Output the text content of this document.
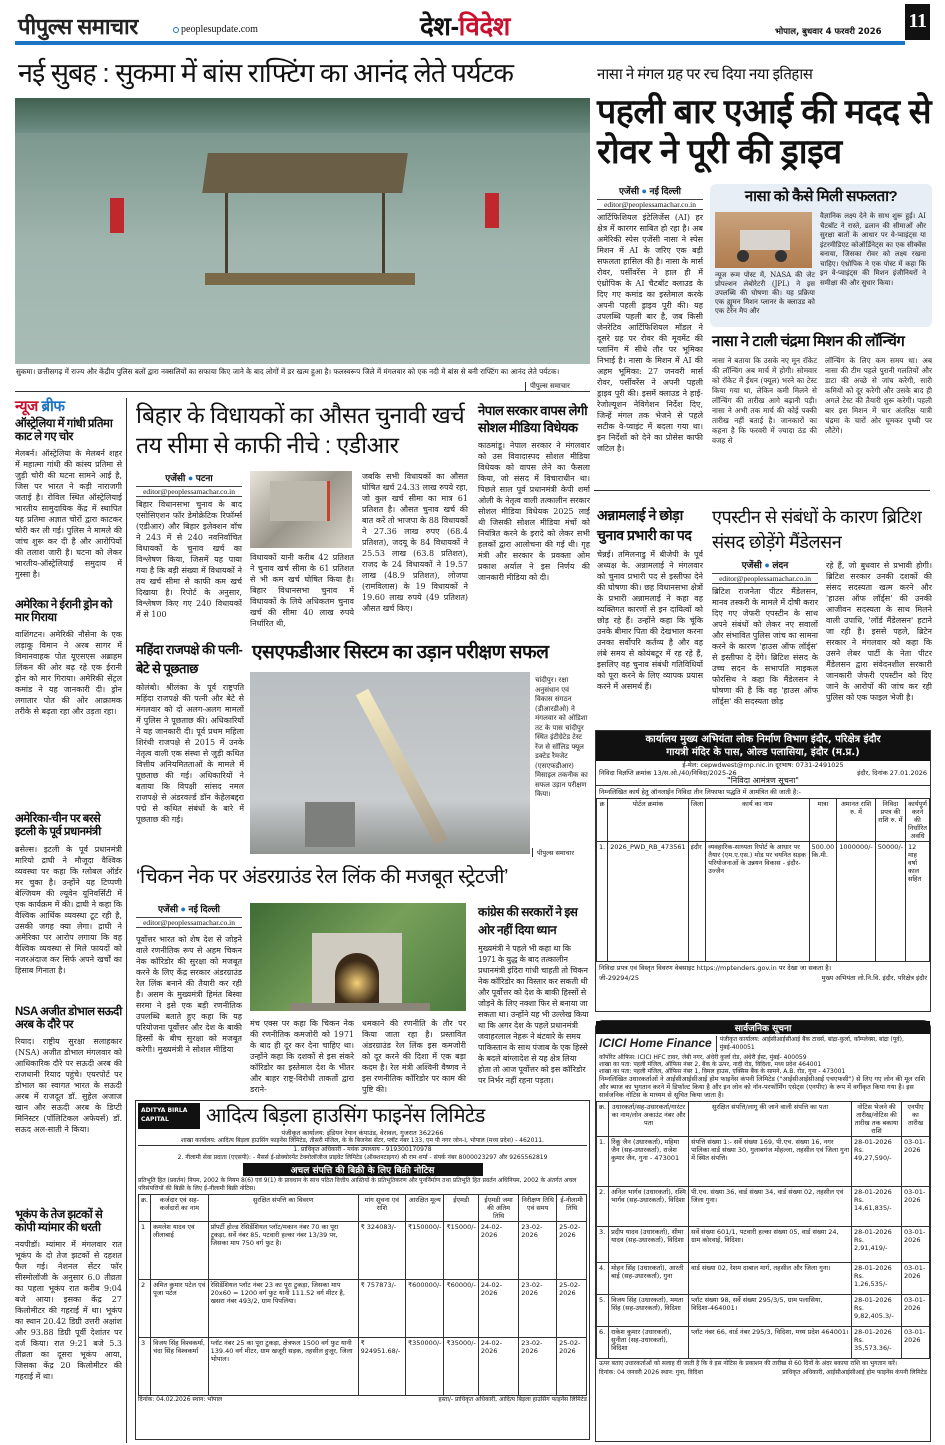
पीपुल्स समाचार	peoplesupdate.com	देश-विदेश	भोपाल, बुधवार 4 फरवरी 2026 11
नई सुबह : सुकमा में बांस राफ्टिंग का आनंद लेते पर्यटक
सुकमा। छत्तीसगढ़ में राज्य और केंद्रीय पुलिस बलों द्वारा नक्सलियों का सफाया किए जाने के बाद लोगों में डर खत्म हुआ है। फलस्वरूप जिले में मंगलवार को एक नदी में बांस से बनी राफ्टिंग का आनंद लेते पर्यटक।
पीपुल्स समाचार
नासा ने मंगल ग्रह पर रच दिया नया इतिहास
पहली बार एआई की मदद से रोवर ने पूरी की ड्राइव
एजेंसी ● नई दिल्ली
editor@peoplessamachar.co.in
आर्टिफिशियल इंटेलिजेंस (AI) हर क्षेत्र में कारगर साबित हो रहा है। अब अमेरिकी स्पेस एजेंसी नासा ने स्पेस मिशन में AI के जरिए एक बड़ी सफलता हासिल की है। नासा के मार्स रोवर, पर्सीवरेंस ने हाल ही में एंथ्रोपिक के AI चैटबॉट क्लाउड के दिए गए कमांड का इस्तेमाल करके अपनी पहली ड्राइव पूरी की। यह उपलब्धि पहली बार है, जब किसी जेनरेटिव आर्टिफिशियल मॉडल ने दूसरे ग्रह पर रोवर की मूवमेंट की प्लानिंग में सीधे तौर पर भूमिका निभाई है। नासा के मिशन में AI की अहम भूमिका: 27 जनवरी मार्स रोवर, पर्सीवरेंस ने अपनी पहली ड्राइव पूरी की। इसमें क्लाउड ने हाई-रेजोल्यूशन नेविगेशन निर्देश दिए, जिन्हें मंगल तक भेजने से पहले सटीक वे-प्वाइंट में बदला गया था। इन निर्देशों को देने का प्रोसेस काफी जटिल है।
नासा को कैसे मिली सफलता?
न्यूज रूम पोस्ट में, NASA की जेट प्रोपल्शन लेबोरेटरी (JPL) ने इस उपलब्धि की घोषणा की। यह प्रक्रिया एक ह्यूमन मिशन प्लानर के क्लाउड को एक टेरेन मैप और
वैज्ञानिक लक्ष्य देने के साथ शुरू हुई। AI चैटबॉट ने रास्ते, ढलान की सीमाओं और सुरक्षा बातों के आधार पर वे-प्वाइंट्स या इंटरमीडिएट कोऑर्डिनेट्स का एक सीक्वेंस बनाया, जिसका रोवर को लक्ष्य रखना चाहिए। एंथ्रोपिक ने एक पोस्ट में कहा कि इन वे-प्वाइंट्स की मिशन इंजीनियरों ने समीक्षा की और सुधार किया।
नासा ने टाली चंद्रमा मिशन की लॉन्चिंग
नासा ने बताया कि उसके नए मून रॉकेट की लॉन्चिंग अब मार्च में होगी। सोमवार को रॉकेट में ईंधन (फ्यूल) भरने का टेस्ट किया गया था, लेकिन कमी मिलने से लॉन्चिंग की तारीख आगे बढ़ानी पड़ी। नासा ने अभी तक मार्च की कोई पक्की तारीख नहीं बताई है। जानकारों का कहना है कि फरवरी में ज्यादा ठंड की वजह से
लॉन्चिंग के लिए कम समय था। अब नासा की टीम पहले पुरानी गलतियों और डाटा की अच्छे से जांच करेगी, सारी कमियों को दूर करेगी और उसके बाद ही अगले टेस्ट की तैयारी शुरू करेगी। पहली बार इस मिशन में चार अंतरिक्ष यात्री चंद्रमा के चारों ओर घूमकर पृथ्वी पर लौटेंगे।
न्यूज ब्रीफ
ऑस्ट्रेलिया में गांधी प्रतिमा काट ले गए चोर
मेलबर्न। ऑस्ट्रेलिया के मेलबर्न शहर में महात्मा गांधी की कांस्य प्रतिमा से जुड़ी चोरी की घटना सामने आई है, जिस पर भारत ने कड़ी नाराजगी जताई है। रोविल स्थित ऑस्ट्रेलियाई भारतीय सामुदायिक केंद्र में स्थापित यह प्रतिमा अज्ञात चोरों द्वारा काटकर चोरी कर ली गई। पुलिस ने मामले की जांच शुरू कर दी है और आरोपियों की तलाश जारी है। घटना को लेकर भारतीय-ऑस्ट्रेलियाई समुदाय में गुस्सा है।
अमेरिका ने ईरानी ड्रोन को मार गिराया
वाशिंगटन। अमेरिकी नौसेना के एक लड़ाकू विमान ने अरब सागर में विमानवाहक पोत यूएसएस अब्राहम लिंकन की ओर बढ़ रहे एक ईरानी ड्रोन को मार गिराया। अमेरिकी सेंट्रल कमांड ने यह जानकारी दी। ड्रोन लगातार पोत की ओर आक्रामक तरीके से बढ़ता रहा और उड़ता रहा।
अमेरिका-चीन पर बरसे इटली के पूर्व प्रधानमंत्री
ब्रसेल्स। इटली के पूर्व प्रधानमंत्री मारियो द्राघी ने मौजूदा वैश्विक व्यवस्था पर कहा कि ग्लोबल ऑर्डर मर चुका है। उन्होंने यह टिप्पणी बेल्जियम की ल्यूवेन यूनिवर्सिटी में एक कार्यक्रम में की। द्राघी ने कहा कि वैश्विक आर्थिक व्यवस्था टूट रही है, उसकी जगह क्या लेगा। द्राघी ने अमेरिका पर आरोप लगाया कि वह वैश्विक व्यवस्था से मिले फायदों को नजरअंदाज कर सिर्फ अपने खर्चों का हिसाब गिनाता है।
NSA अजीत डोभाल सऊदी अरब के दौरे पर
रियाद। राष्ट्रीय सुरक्षा सलाहकार (NSA) अजीत डोभाल मंगलवार को आधिकारिक दौरे पर सऊदी अरब की राजधानी रियाद पहुंचे। एयरपोर्ट पर डोभाल का स्वागत भारत के सऊदी अरब में राजदूत डॉ. सुहेल अजाज खान और सऊदी अरब के डिप्टी मिनिस्टर (पॉलिटिकल अफेयर्स) डॉ. सऊद अल-साती ने किया।
भूकंप के तेज झटकों से कांपी म्यांमार की धरती
नयपीडॉ। म्यांमार में मंगलवार रात भूकंप के दो तेज झटकों से दहशत फैल गई। नेशनल सेंटर फॉर सीस्मोलॉजी के अनुसार 6.0 तीव्रता का पहला भूकंप रात करीब 9:04 बजे आया। इसका केंद्र 27 किलोमीटर की गहराई में था। भूकंप का स्थान 20.42 डिग्री उत्तरी अक्षांश और 93.88 डिग्री पूर्वी देशांतर पर दर्ज किया। रात 9:21 बजे 5.3 तीव्रता का दूसरा भूकंप आया, जिसका केंद्र 20 किलोमीटर की गहराई में था।
बिहार के विधायकों का औसत चुनावी खर्च तय सीमा से काफी नीचे : एडीआर
एजेंसी ● पटना
editor@peoplessamachar.co.in
बिहार विधानसभा चुनाव के बाद एसोसिएशन फॉर डेमोक्रेटिक रिफॉर्म्स (एडीआर) और बिहार इलेक्शन वॉच ने 243 में से 240 नवनिर्वाचित विधायकों के चुनाव खर्च का विश्लेषण किया, जिसमें यह पाया गया है कि बड़ी संख्या में विधायकों ने तय खर्च सीमा से काफी कम खर्च दिखाया है। रिपोर्ट के अनुसार, विश्लेषण किए गए 240 विधायकों में से 100
विधायकों यानी करीब 42 प्रतिशत ने चुनाव खर्च सीमा के 61 प्रतिशत से भी कम खर्च घोषित किया है। बिहार विधानसभा चुनाव में विधायकों के लिये अधिकतम चुनाव खर्च की सीमा 40 लाख रुपये निर्धारित थी,
जबकि सभी विधायकों का औसत घोषित खर्च 24.33 लाख रुपये रहा, जो कुल खर्च सीमा का मात्र 61 प्रतिशत है। औसत चुनाव खर्च की बात करें तो भाजपा के 88 विधायकों ने 27.36 लाख रुपए (68.4 प्रतिशत), जदयू के 84 विधायकों ने 25.53 लाख (63.8 प्रतिशत), राजद के 24 विधायकों ने 19.57 लाख (48.9 प्रतिशत), लोजपा (रामविलास) के 19 विधायकों ने 19.60 लाख रुपये (49 प्रतिशत) औसत खर्च किए।
नेपाल सरकार वापस लेगी सोशल मीडिया विधेयक
काठमांडू। नेपाल सरकार ने मंगलवार को उस विवादास्पद सोशल मीडिया विधेयक को वापस लेने का फैसला किया, जो संसद में विचाराधीन था। पिछले साल पूर्व प्रधानमंत्री केपी शर्मा ओली के नेतृत्व वाली तत्कालीन सरकार सोशल मीडिया विधेयक 2025 लाई थी जिसकी सोशल मीडिया मंचों को नियंत्रित करने के इरादे को लेकर सभी हलकों द्वारा आलोचना की गई थी। गृह मंत्री और सरकार के प्रवक्ता ओम प्रकाश अर्याल ने इस निर्णय की जानकारी मीडिया को दी।
अन्नामलाई ने छोड़ा चुनाव प्रभारी का पद
चेन्नई। तमिलनाडु में बीजेपी के पूर्व अध्यक्ष के. अन्नामलाई ने मंगलवार को चुनाव प्रभारी पद से इस्तीफा देने की घोषणा की। छह विधानसभा क्षेत्रों के प्रभारी अन्नामलाई ने कहा वह व्यक्तिगत कारणों से इन दायित्वों को छोड़ रहे हैं। उन्होंने कहा कि चूंकि उनके बीमार पिता की देखभाल करना उनका सर्वोपरि कर्तव्य है और वह लंबे समय से कोयंबटूर में रह रहे हैं, इसलिए वह चुनाव संबंधी गतिविधियों को पूरा करने के लिए व्यापक प्रयास करने में असमर्थ हैं।
एपस्टीन से संबंधों के कारण ब्रिटिश संसद छोड़ेंगे मैंडेलसन
एजेंसी ● लंदन
editor@peoplessamachar.co.in
ब्रिटिश राजनेता पीटर मैंडेलसन, मानव तस्करी के मामले में दोषी करार दिए गए जेफरी एपस्टीन के साथ अपने संबंधों को लेकर नए सवालों और संभावित पुलिस जांच का सामना करने के कारण 'हाउस ऑफ लॉर्ड्स' से इस्तीफा दे देंगे। ब्रिटिश संसद के उच्च सदन के सभापति माइकल फोरसिथ ने कहा कि मैंडेलसन ने घोषणा की है कि वह 'हाउस ऑफ लॉर्ड्स' की सदस्यता छोड़
रहे हैं, जो बुधवार से प्रभावी होगी। ब्रिटिश सरकार उनकी दशकों की संसद सदस्यता खत्म करने और 'हाउस ऑफ लॉर्ड्स' की उनकी आजीवन सदस्यता के साथ मिलने वाली उपाधि, 'लॉर्ड मैंडेलसन' हटाने जा रही है। इससे पहले, ब्रिटेन सरकार ने मंगलवार को कहा कि उसने लेबर पार्टी के नेता पीटर मैंडेलसन द्वारा संवेदनशील सरकारी जानकारी जेफरी एपस्टीन को दिए जाने के आरोपों की जांच कर रही पुलिस को एक फाइल भेजी है।
कार्यालय मुख्य अभियंता लोक निर्माण विभाग इंदौर, परिक्षेत्र इंदौर
गायत्री मंदिर के पास, ओल्ड पलासिया, इंदौर (म.प्र.)
ई-मेल: cepwdwest@mp.nic.in दूरभाष: 0731-2491025
निविदा विज्ञप्ति क्रमांक 13/स.ओ./40/निविदा/2025-26	इंदौर, दिनांक 27.01.2026
"निविदा आमंत्रण सूचना"
निम्नलिखित कार्य हेतु ऑनलाईन निविदा तीन लिफाफा पद्धति में आमंत्रित की जाती है:-
क्र	पोर्टल क्रमांक	जिला	कार्य का नाम	मात्रा	अमानत राशि रु. में	निविदा प्रपत्र की राशि रु. में	कार्यपूर्ण करने की निर्धारित अवधि
1.	2026_PWD_RB_473561	इंदौर	व्यवहारिक-साध्यता रिपोर्ट के आधार पर तैयार (एम.ए.एस.) मोड पर चयनित सड़क परियोजनाओं के उन्नयन विकास - इंदौर-उज्जैन	500.00 कि.मी.	1000000/-	50000/-	12 माह वर्षा काल सहित
निविदा प्रपत्र एवं विस्तृत विवरण वेबसाइट https://mptenders.gov.in पर देखा जा सकता है।
जी-29294/25	मुख्य अभियंता लो.नि.वि. इंदौर, परिक्षेत्र इंदौर
महिंदा राजपक्षे की पत्नी-बेटे से पूछताछ
कोलंबो। श्रीलंका के पूर्व राष्ट्रपति महिंदा राजपक्षे की पत्नी और बेटे से मंगलवार को दो अलग-अलग मामलों में पुलिस ने पूछताछ की। अधिकारियों ने यह जानकारी दी। पूर्व प्रथम महिला शिरंथी राजपक्षे से 2015 में उनके नेतृत्व वाली एक संस्था से जुड़ी कथित वित्तीय अनियमितताओं के मामले में पूछताछ की गई। अधिकारियों ने बताया कि विपक्षी सांसद नमल राजपक्षे से अंडरवर्ल्ड डॉन केहेलबद्दरा पद्मे से कथित संबंधों के बारे में पूछताछ की गई।
एसएफडीआर सिस्टम का उड़ान परीक्षण सफल
चांदीपुर। रक्षा अनुसंधान एवं विकास संगठन (डीआरडीओ) ने मंगलवार को ओडिशा तट के पास चांदीपुर स्थित इंटीग्रेटेड टेस्ट रेंज से सॉलिड फ्यूल डक्टेड रैमजेट (एसएफडीआर) मिसाइल तकनीक का सफल उड़ान परीक्षण किया।
पीपुल्स समाचार
‘चिकन नेक पर अंडरग्राउंड रेल लिंक की मजबूत स्ट्रेटजी’
एजेंसी ● नई दिल्ली
editor@peoplessamachar.co.in
पूर्वोत्तर भारत को शेष देश से जोड़ने वाले रणनीतिक रूप से अहम चिकन नेक कॉरिडोर की सुरक्षा को मजबूत करने के लिए केंद्र सरकार अंडरग्राउंड रेल लिंक बनाने की तैयारी कर रही है। असम के मुख्यमंत्री हिमंत बिस्वा सरमा ने इसे एक बड़ी रणनीतिक उपलब्धि बताते हुए कहा कि यह परियोजना पूर्वोत्तर और देश के बाकी हिस्सों के बीच सुरक्षा को मजबूत करेगी। मुख्यमंत्री ने सोशल मीडिया
मंच एक्स पर कहा कि चिकन नेक की रणनीतिक कमजोरी को 1971 के बाद ही दूर कर देना चाहिए था। उन्होंने कहा कि दशकों से इस संकरे कॉरिडोर का इस्तेमाल देश के भीतर और बाहर राष्ट्र-विरोधी ताकतों द्वारा डराने-
धमकाने की रणनीति के तौर पर किया जाता रहा है। प्रस्तावित अंडरग्राउंड रेल लिंक इस कमजोरी को दूर करने की दिशा में एक बड़ा कदम है। रेल मंत्री अश्विनी वैष्णव ने इस रणनीतिक कॉरिडोर पर काम की पुष्टि की।
कांग्रेस की सरकारों ने इस ओर नहीं दिया ध्यान
मुख्यमंत्री ने पहले भी कहा था कि 1971 के युद्ध के बाद तत्कालीन प्रधानमंत्री इंदिरा गांधी चाहती तो चिकन नेक कॉरिडोर का विस्तार कर सकती थी और पूर्वोत्तर को देश के बाकी हिस्सों से जोड़ने के लिए नक्शा फिर से बनाया जा सकता था। उन्होंने यह भी उल्लेख किया था कि अगर देश के पहले प्रधानमंत्री जवाहरलाल नेहरू ने बंटवारे के समय पाकिस्तान के साथ पंजाब के एक हिस्से के बदले बांग्लादेश से यह क्षेत्र लिया होता तो आज पूर्वोत्तर को इस कॉरिडोर पर निर्भर नहीं रहना पड़ता।
ADITYA BIRLA CAPITAL	आदित्य बिड़ला हाउसिंग फाइनेंस लिमिटेड
पंजीकृत कार्यालय: इंडियन रेयान कंपाउंड, वेरावल, गुजरात 362266
शाखा कार्यालय: आदित्य बिड़ला हाउसिंग फाइनेंस लिमिटेड, तीसरी मंजिल, के के बिजनेस सेंटर, प्लॉट नंबर 133, एम पी नगर जोन-I, भोपाल (मध्य प्रदेश) - 462011.
1. प्राधिकृत अधिकारी - मयंक उपाध्याय - 919300170978
2. नीलामी सेवा प्रदाता (एएसपी): - मैसर्स ई-प्रोक्योरमेंट टेक्नोलॉजीज प्राइवेट लिमिटेड (ऑक्शनटाइगर) श्री राम शर्मा - संपर्क नंबर 8000023297 और 9265562819
अचल संपत्ति की बिक्री के लिए बिक्री नोटिस
प्रतिभूति हित (प्रवर्तन) नियम, 2002 के नियम 8(6) एवं 9(1) के प्रावधान के साथ पठित वित्तीय आस्तियों के प्रतिभूतिकरण और पुनर्निर्माण तथा प्रतिभूति हित प्रवर्तन अधिनियम, 2002 के अंतर्गत अचल परिसंपत्तियों की बिक्री के लिए ई-नीलामी बिक्री नोटिस।
क्र.	कर्जदार एवं सह-कर्जदारों का नाम	सुरक्षित संपत्ति का विवरण	मांग सूचना एवं राशि	आरक्षित मूल्य	ईएमडी	ईएमडी जमा की अंतिम तिथि	निरीक्षण तिथि एवं समय	ई-नीलामी तिथि
1	कमलेश यादव एवं लीलाबाई	प्रॉपर्टी होल्ड रेसिडेंशियल प्लॉट/मकान नंबर 70 का पूरा टुकड़ा, सर्वे नंबर 85, पटवारी हल्का नंबर 13/39 पर, जिसका माप 750 वर्ग फुट है।	₹ 324083/-	₹150000/-	₹15000/-	24-02-2026	23-02-2026	25-02-2026
2	अमित कुमार पटेल एवं पूजा पटेल	रेसिडेंशियल प्लॉट नंबर 23 का पूरा टुकड़ा, जिसका माप 20x60 = 1200 वर्ग फुट यानी 111.52 वर्ग मीटर है, खसरा नंबर 493/2, ग्राम पिपलिया।	₹ 757873/-	₹600000/-	₹60000/-	24-02-2026	23-02-2026	25-02-2026
3	विजय सिंह विश्वकर्मा, चंदा सिंह विश्वकर्मा	प्लॉट नंबर 25 का पूरा टुकड़ा, क्षेत्रफल 1500 वर्ग फुट यानी 139.40 वर्ग मीटर, ग्राम खजूरी सड़क, तहसील हुजूर, जिला भोपाल।	₹ 924951.68/-	₹350000/-	₹35000/-	24-02-2026	23-02-2026	25-02-2026
दिनांक: 04.02.2026 स्थान: भोपाल	हस्ता/- प्राधिकृत अधिकारी, आदित्य बिड़ला हाउसिंग फाइनेंस लिमिटेड
सार्वजनिक सूचना
ICICI Home Finance	पंजीकृत कार्यालय: आईसीआईसीआई बैंक टावर्स, बांद्रा-कुर्ला, कॉम्प्लेक्स, बांद्रा (पूर्व), मुंबई-400051
कॉर्पोरेट ऑफिस: ICICI HFC टावर, जेबी नगर, अंधेरी कुर्ला रोड, अंधेरी ईस्ट, मुंबई- 400059
शाखा का पता: पहली मंजिल, ऑफिस नंबर 2, बैंक के ऊपर, नादी रोड, विदिशा, मध्य प्रदेश 464001
शाखा का पता: पहली मंजिल, ऑफिस नंबर 1, विमल हाउस, एक्सिस बैंक के सामने, A.B. रोड, गुना - 473001
निम्नलिखित उधारकर्ताओं ने आईसीआईसीआई होम फाइनेंस कंपनी लिमिटेड ("आईसीआईसीआई एचएफसी") से लिए गए लोन की मूल राशि और ब्याज का भुगतान करने में डिफॉल्ट किया है और इन लोन को नॉन-परफॉर्मिंग एसेट्स (एनपीए) के रूप में वर्गीकृत किया गया है। इस सार्वजनिक नोटिस के माध्यम से सूचित किया जाता है।
क्र.	उधारकर्ता/सह-उधारकर्ता/गारंटर का नाम/लोन अकाउंट नंबर और पता	सुरक्षित संपत्ति/लागू की जाने वाली संपत्ति का पता	नोटिस भेजने की तारीख/नोटिस की तारीख तक बकाया राशि	एनपीए का तारीख
1.	रिंकू जैन (उधारकर्ता), महिमा जैन (सह-उधारकर्ता), राजेश कुमार जैन, गुना - 473001	संपत्ति संख्या 1:- सर्वे संख्या 169, पी.एच. संख्या 16, नगर पालिका वार्ड संख्या 30, गुलाबगंज मोहल्ला, तहसील एवं जिला गुना में स्थित संपत्ति।	28-01-2026 Rs. 49,27,590/-	03-01-2026
2.	अनिल भार्गव (उधारकर्ता), रश्मि भार्गव (सह-उधारकर्ता), विदिशा	पी.एच. संख्या 36, वार्ड संख्या 34, वार्ड संख्या 02, तहसील एवं जिला गुना।	28-01-2026 Rs. 14,61,835/-	03-01-2026
3.	प्रदीप यादव (उधारकर्ता), सीमा यादव (सह-उधारकर्ता), विदिशा	सर्वे संख्या 601/1, पटवारी हल्का संख्या 05, वार्ड संख्या 24, ग्राम कोरवाई, विदिशा।	28-01-2026 Rs. 2,91,419/-	03-01-2026
4.	मोहन सिंह (उधारकर्ता), आरती बाई (सह-उधारकर्ता), गुना	वार्ड संख्या 02, रेशम दाबाल मार्ग, तहसील और जिला गुना।	28-01-2026 Rs. 1,26,535/-	03-01-2026
5.	विजय सिंह (उधारकर्ता), ममता सिंह (सह-उधारकर्ता), विदिशा	प्लॉट संख्या 98, सर्वे संख्या 295/3/5, ग्राम पलासिया, विदिशा-464001।	28-01-2026 Rs. 9,82,405.3/-	03-01-2026
6.	राकेश कुमार (उधारकर्ता), सुनीता (सह-उधारकर्ता), विदिशा	प्लॉट नंबर 66, वार्ड नंबर 295/3, विदिशा, मध्य प्रदेश 464001।	28-01-2026 Rs. 35,573.36/-	03-01-2026
ऊपर बताए उधारकर्ताओं को सलाह दी जाती है कि वे इस नोटिस के प्रकाशन की तारीख से 60 दिनों के अंदर बकाया राशि का भुगतान करें।
दिनांक: 04 जनवरी 2026 स्थान: गुना, विदिशा	प्राधिकृत अधिकारी, आईसीआईसीआई होम फाइनेंस कंपनी लिमिटेड
